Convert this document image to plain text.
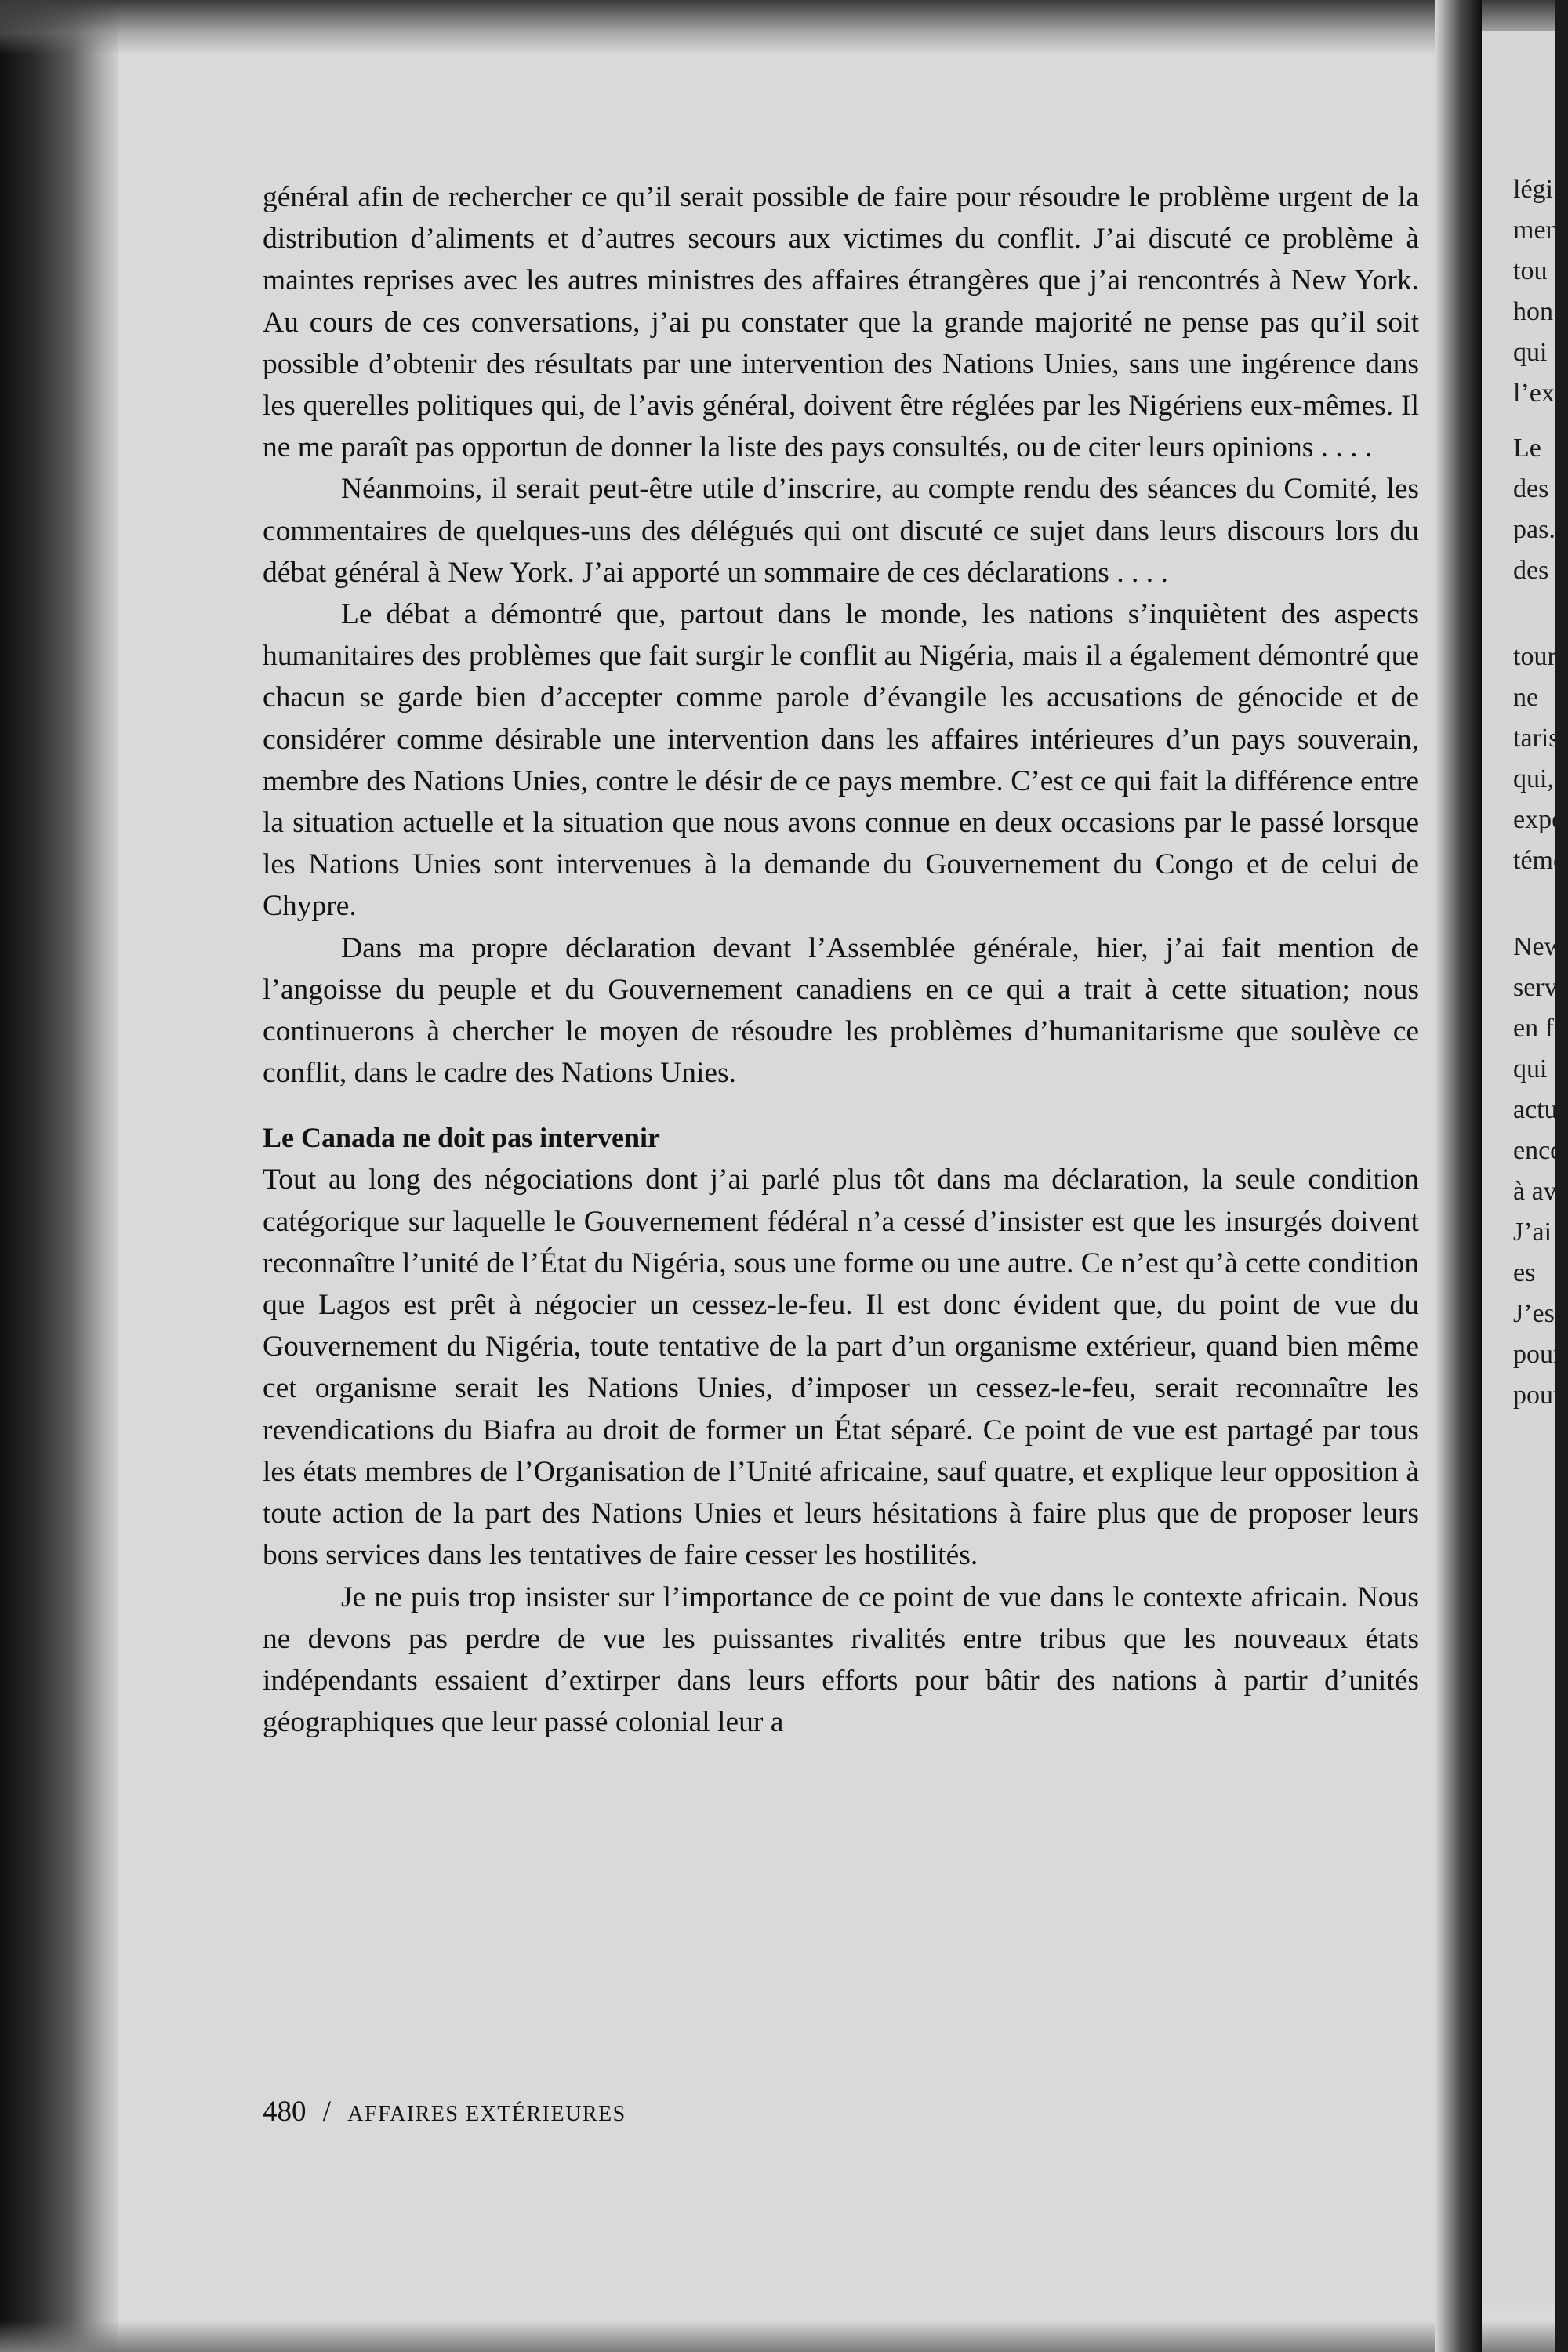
général afin de rechercher ce qu’il serait possible de faire pour résoudre le problème urgent de la distribution d’aliments et d’autres secours aux victimes du conflit. J’ai discuté ce problème à maintes reprises avec les autres ministres des affaires étrangères que j’ai rencontrés à New York. Au cours de ces conversations, j’ai pu constater que la grande majorité ne pense pas qu’il soit possible d’obtenir des résultats par une intervention des Nations Unies, sans une ingérence dans les querelles politiques qui, de l’avis général, doivent être réglées par les Nigériens eux-mêmes. Il ne me paraît pas opportun de donner la liste des pays consultés, ou de citer leurs opinions . . . .

Néanmoins, il serait peut-être utile d’inscrire, au compte rendu des séances du Comité, les commentaires de quelques-uns des délégués qui ont discuté ce sujet dans leurs discours lors du débat général à New York. J’ai apporté un sommaire de ces déclarations . . . .

Le débat a démontré que, partout dans le monde, les nations s’inquiètent des aspects humanitaires des problèmes que fait surgir le conflit au Nigéria, mais il a également démontré que chacun se garde bien d’accepter comme parole d’évangile les accusations de génocide et de considérer comme désirable une intervention dans les affaires intérieures d’un pays souverain, membre des Nations Unies, contre le désir de ce pays membre. C’est ce qui fait la différence entre la situation actuelle et la situation que nous avons connue en deux occasions par le passé lorsque les Nations Unies sont intervenues à la demande du Gouvernement du Congo et de celui de Chypre.

Dans ma propre déclaration devant l’Assemblée générale, hier, j’ai fait mention de l’angoisse du peuple et du Gouvernement canadiens en ce qui a trait à cette situation; nous continuerons à chercher le moyen de résoudre les problèmes d’humanitarisme que soulève ce conflit, dans le cadre des Nations Unies.

Le Canada ne doit pas intervenir

Tout au long des négociations dont j’ai parlé plus tôt dans ma déclaration, la seule condition catégorique sur laquelle le Gouvernement fédéral n’a cessé d’insister est que les insurgés doivent reconnaître l’unité de l’État du Nigéria, sous une forme ou une autre. Ce n’est qu’à cette condition que Lagos est prêt à négocier un cessez-le-feu. Il est donc évident que, du point de vue du Gouvernement du Nigéria, toute tentative de la part d’un organisme extérieur, quand bien même cet organisme serait les Nations Unies, d’imposer un cessez-le-feu, serait reconnaître les revendications du Biafra au droit de former un État séparé. Ce point de vue est partagé par tous les états membres de l’Organisation de l’Unité africaine, sauf quatre, et explique leur opposition à toute action de la part des Nations Unies et leurs hésitations à faire plus que de proposer leurs bons services dans les tentatives de faire cesser les hostilités.

Je ne puis trop insister sur l’importance de ce point de vue dans le contexte africain. Nous ne devons pas perdre de vue les puissantes rivalités entre tribus que les nouveaux états indépendants essaient d’extirper dans leurs efforts pour bâtir des nations à partir d’unités géographiques que leur passé colonial leur a

480 / AFFAIRES EXTÉRIEURES
légi
men
tou
hon
qui
l’ex
Le
des
pas.
des
tour
ne
taris
qui,
expé
témo
New
serv
en fa
qui
actu
enco
à av
J’ai
es
J’esp
pour
pour
